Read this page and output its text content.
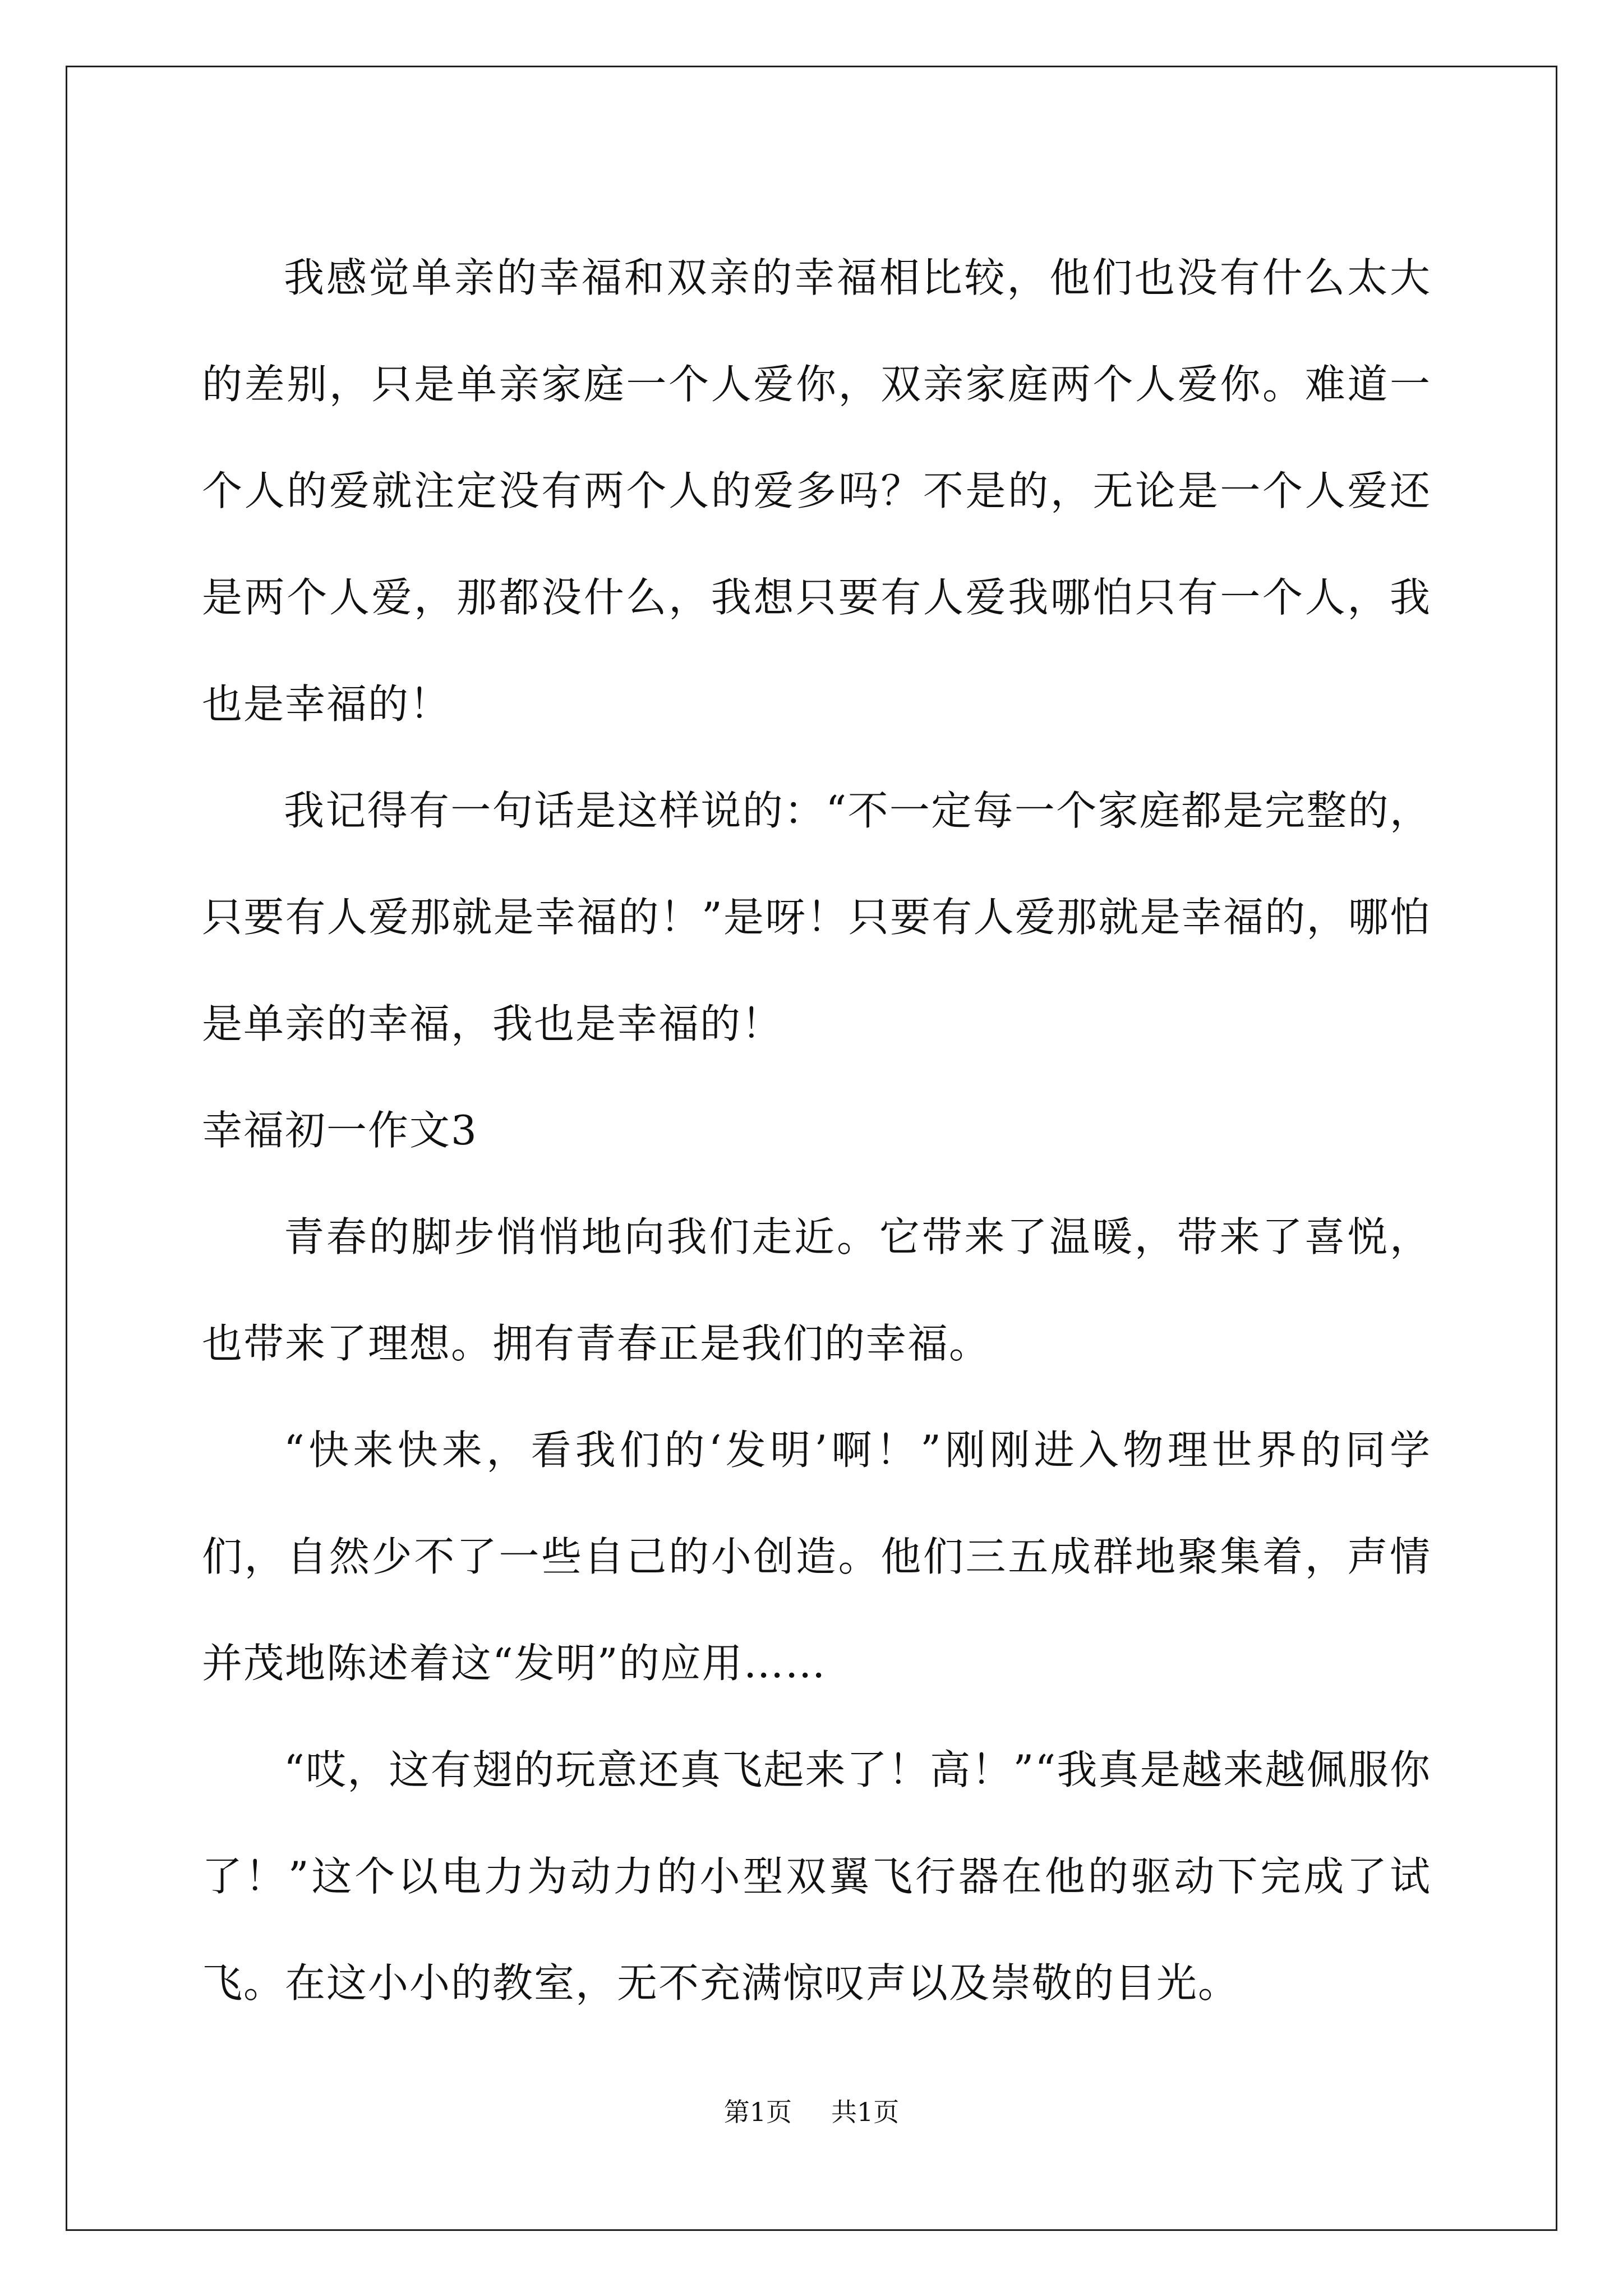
我感觉单亲的幸福和双亲的幸福相比较，他们也没有什么太大的差别，只是单亲家庭一个人爱你，双亲家庭两个人爱你。难道一个人的爱就注定没有两个人的爱多吗？不是的，无论是一个人爱还是两个人爱，那都没什么，我想只要有人爱我哪怕只有一个人，我也是幸福的！

我记得有一句话是这样说的：“不一定每一个家庭都是完整的，只要有人爱那就是幸福的！”是呀！只要有人爱那就是幸福的，哪怕是单亲的幸福，我也是幸福的！

幸福初一作文3

青春的脚步悄悄地向我们走近。它带来了温暖，带来了喜悦，也带来了理想。拥有青春正是我们的幸福。

“快来快来，看我们的‘发明’啊！”刚刚进入物理世界的同学们，自然少不了一些自己的小创造。他们三五成群地聚集着，声情并茂地陈述着这“发明”的应用……

“哎，这有翅的玩意还真飞起来了！高！”“我真是越来越佩服你了！”这个以电力为动力的小型双翼飞行器在他的驱动下完成了试飞。在这小小的教室，无不充满惊叹声以及崇敬的目光。

第1页 共1页
